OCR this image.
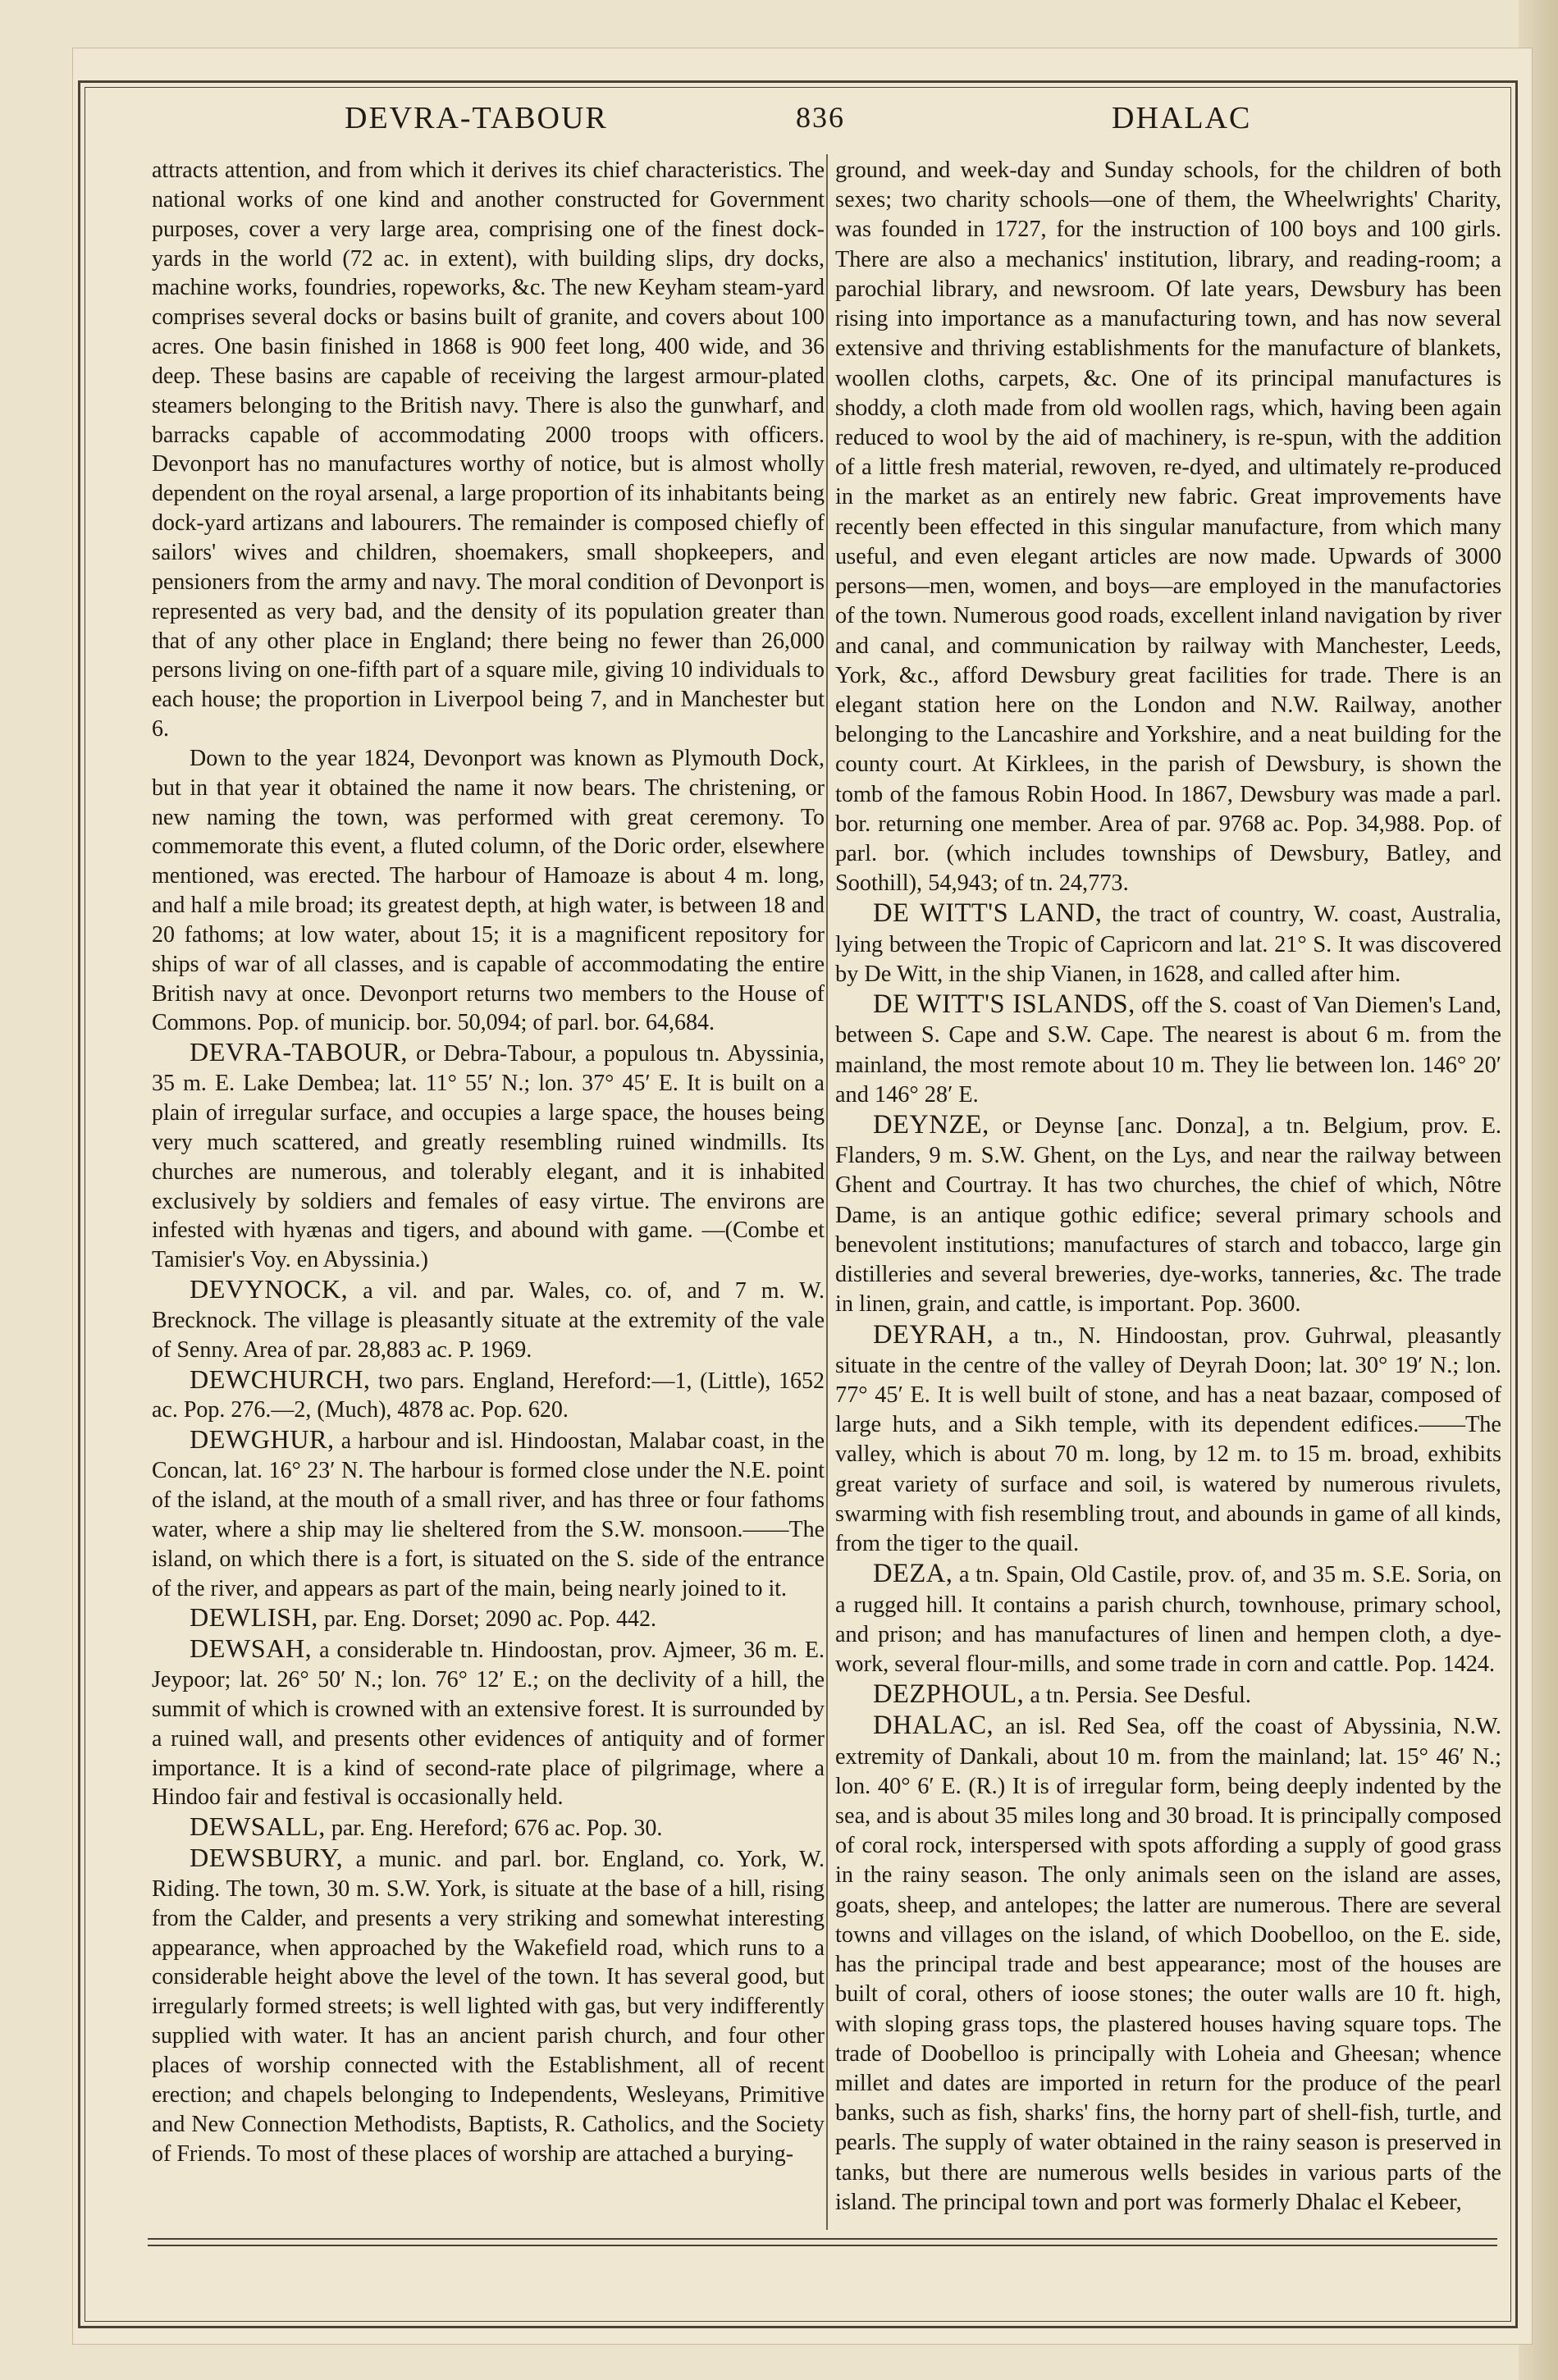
DEVRA-TABOUR	836	DHALAC

attracts attention, and from which it derives its chief characteristics. The national works of one kind and another constructed for Government purposes, cover a very large area, comprising one of the finest dock-yards in the world (72 ac. in extent), with building slips, dry docks, machine works, foundries, ropeworks, &c. The new Keyham steam-yard comprises several docks or basins built of granite, and covers about 100 acres. One basin finished in 1868 is 900 feet long, 400 wide, and 36 deep. These basins are capable of receiving the largest armour-plated steamers belonging to the British navy. There is also the gunwharf, and barracks capable of accommodating 2000 troops with officers. Devonport has no manufactures worthy of notice, but is almost wholly dependent on the royal arsenal, a large proportion of its inhabitants being dock-yard artizans and labourers. The remainder is composed chiefly of sailors' wives and children, shoemakers, small shopkeepers, and pensioners from the army and navy. The moral condition of Devonport is represented as very bad, and the density of its population greater than that of any other place in England; there being no fewer than 26,000 persons living on one-fifth part of a square mile, giving 10 individuals to each house; the proportion in Liverpool being 7, and in Manchester but 6.

Down to the year 1824, Devonport was known as Plymouth Dock, but in that year it obtained the name it now bears. The christening, or new naming the town, was performed with great ceremony. To commemorate this event, a fluted column, of the Doric order, elsewhere mentioned, was erected. The harbour of Hamoaze is about 4 m. long, and half a mile broad; its greatest depth, at high water, is between 18 and 20 fathoms; at low water, about 15; it is a magnificent repository for ships of war of all classes, and is capable of accommodating the entire British navy at once. Devonport returns two members to the House of Commons. Pop. of municip. bor. 50,094; of parl. bor. 64,684.

DEVRA-TABOUR, or Debra-Tabour, a populous tn. Abyssinia, 35 m. E. Lake Dembea; lat. 11° 55′ N.; lon. 37° 45′ E. It is built on a plain of irregular surface, and occupies a large space, the houses being very much scattered, and greatly resembling ruined windmills. Its churches are numerous, and tolerably elegant, and it is inhabited exclusively by soldiers and females of easy virtue. The environs are infested with hyænas and tigers, and abound with game. —(Combe et Tamisier's Voy. en Abyssinia.)

DEVYNOCK, a vil. and par. Wales, co. of, and 7 m. W. Brecknock. The village is pleasantly situate at the extremity of the vale of Senny. Area of par. 28,883 ac. P. 1969.

DEWCHURCH, two pars. England, Hereford:—1, (Little), 1652 ac. Pop. 276.—2, (Much), 4878 ac. Pop. 620.

DEWGHUR, a harbour and isl. Hindoostan, Malabar coast, in the Concan, lat. 16° 23′ N. The harbour is formed close under the N.E. point of the island, at the mouth of a small river, and has three or four fathoms water, where a ship may lie sheltered from the S.W. monsoon.——The island, on which there is a fort, is situated on the S. side of the entrance of the river, and appears as part of the main, being nearly joined to it.

DEWLISH, par. Eng. Dorset; 2090 ac. Pop. 442.

DEWSAH, a considerable tn. Hindoostan, prov. Ajmeer, 36 m. E. Jeypoor; lat. 26° 50′ N.; lon. 76° 12′ E.; on the declivity of a hill, the summit of which is crowned with an extensive forest. It is surrounded by a ruined wall, and presents other evidences of antiquity and of former importance. It is a kind of second-rate place of pilgrimage, where a Hindoo fair and festival is occasionally held.

DEWSALL, par. Eng. Hereford; 676 ac. Pop. 30.

DEWSBURY, a munic. and parl. bor. England, co. York, W. Riding. The town, 30 m. S.W. York, is situate at the base of a hill, rising from the Calder, and presents a very striking and somewhat interesting appearance, when approached by the Wakefield road, which runs to a considerable height above the level of the town. It has several good, but irregularly formed streets; is well lighted with gas, but very indifferently supplied with water. It has an ancient parish church, and four other places of worship connected with the Establishment, all of recent erection; and chapels belonging to Independents, Wesleyans, Primitive and New Connection Methodists, Baptists, R. Catholics, and the Society of Friends. To most of these places of worship are attached a burying-

ground, and week-day and Sunday schools, for the children of both sexes; two charity schools—one of them, the Wheelwrights' Charity, was founded in 1727, for the instruction of 100 boys and 100 girls. There are also a mechanics' institution, library, and reading-room; a parochial library, and newsroom. Of late years, Dewsbury has been rising into importance as a manufacturing town, and has now several extensive and thriving establishments for the manufacture of blankets, woollen cloths, carpets, &c. One of its principal manufactures is shoddy, a cloth made from old woollen rags, which, having been again reduced to wool by the aid of machinery, is re-spun, with the addition of a little fresh material, rewoven, re-dyed, and ultimately re-produced in the market as an entirely new fabric. Great improvements have recently been effected in this singular manufacture, from which many useful, and even elegant articles are now made. Upwards of 3000 persons—men, women, and boys—are employed in the manufactories of the town. Numerous good roads, excellent inland navigation by river and canal, and communication by railway with Manchester, Leeds, York, &c., afford Dewsbury great facilities for trade. There is an elegant station here on the London and N.W. Railway, another belonging to the Lancashire and Yorkshire, and a neat building for the county court. At Kirklees, in the parish of Dewsbury, is shown the tomb of the famous Robin Hood. In 1867, Dewsbury was made a parl. bor. returning one member. Area of par. 9768 ac. Pop. 34,988. Pop. of parl. bor. (which includes townships of Dewsbury, Batley, and Soothill), 54,943; of tn. 24,773.

DE WITT'S LAND, the tract of country, W. coast, Australia, lying between the Tropic of Capricorn and lat. 21° S. It was discovered by De Witt, in the ship Vianen, in 1628, and called after him.

DE WITT'S ISLANDS, off the S. coast of Van Diemen's Land, between S. Cape and S.W. Cape. The nearest is about 6 m. from the mainland, the most remote about 10 m. They lie between lon. 146° 20′ and 146° 28′ E.

DEYNZE, or Deynse [anc. Donza], a tn. Belgium, prov. E. Flanders, 9 m. S.W. Ghent, on the Lys, and near the railway between Ghent and Courtray. It has two churches, the chief of which, Nôtre Dame, is an antique gothic edifice; several primary schools and benevolent institutions; manufactures of starch and tobacco, large gin distilleries and several breweries, dye-works, tanneries, &c. The trade in linen, grain, and cattle, is important. Pop. 3600.

DEYRAH, a tn., N. Hindoostan, prov. Guhrwal, pleasantly situate in the centre of the valley of Deyrah Doon; lat. 30° 19′ N.; lon. 77° 45′ E. It is well built of stone, and has a neat bazaar, composed of large huts, and a Sikh temple, with its dependent edifices.——The valley, which is about 70 m. long, by 12 m. to 15 m. broad, exhibits great variety of surface and soil, is watered by numerous rivulets, swarming with fish resembling trout, and abounds in game of all kinds, from the tiger to the quail.

DEZA, a tn. Spain, Old Castile, prov. of, and 35 m. S.E. Soria, on a rugged hill. It contains a parish church, townhouse, primary school, and prison; and has manufactures of linen and hempen cloth, a dye-work, several flour-mills, and some trade in corn and cattle. Pop. 1424.

DEZPHOUL, a tn. Persia. See Desful.

DHALAC, an isl. Red Sea, off the coast of Abyssinia, N.W. extremity of Dankali, about 10 m. from the mainland; lat. 15° 46′ N.; lon. 40° 6′ E. (R.) It is of irregular form, being deeply indented by the sea, and is about 35 miles long and 30 broad. It is principally composed of coral rock, interspersed with spots affording a supply of good grass in the rainy season. The only animals seen on the island are asses, goats, sheep, and antelopes; the latter are numerous. There are several towns and villages on the island, of which Doobelloo, on the E. side, has the principal trade and best appearance; most of the houses are built of coral, others of ioose stones; the outer walls are 10 ft. high, with sloping grass tops, the plastered houses having square tops. The trade of Doobelloo is principally with Loheia and Gheesan; whence millet and dates are imported in return for the produce of the pearl banks, such as fish, sharks' fins, the horny part of shell-fish, turtle, and pearls. The supply of water obtained in the rainy season is preserved in tanks, but there are numerous wells besides in various parts of the island. The principal town and port was formerly Dhalac el Kebeer,
